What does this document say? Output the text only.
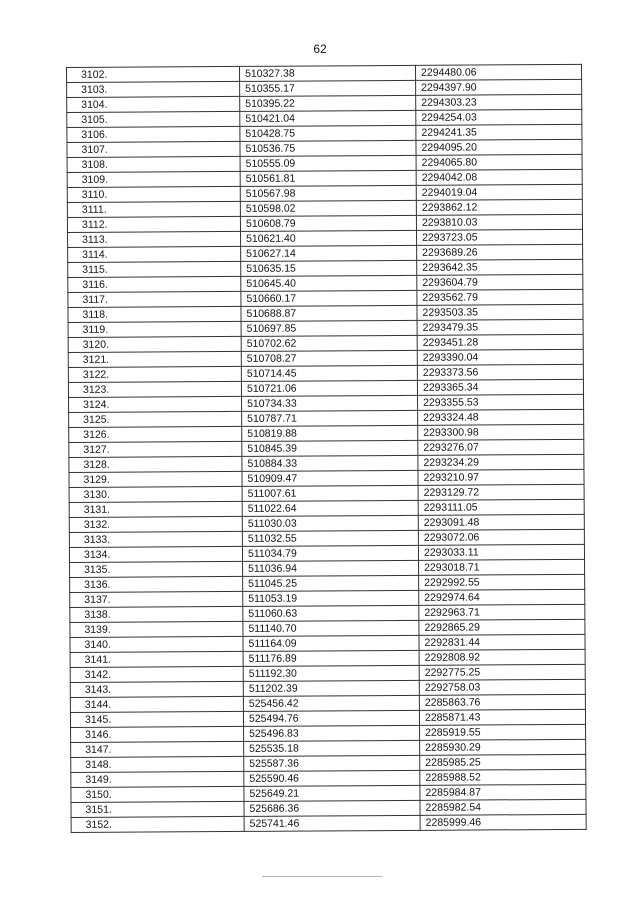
62
3102.	510327.38	2294480.06
3103.	510355.17	2294397.90
3104.	510395.22	2294303.23
3105.	510421.04	2294254.03
3106.	510428.75	2294241.35
3107.	510536.75	2294095.20
3108.	510555.09	2294065.80
3109.	510561.81	2294042.08
3110.	510567.98	2294019.04
3111.	510598.02	2293862.12
3112.	510608.79	2293810.03
3113.	510621.40	2293723.05
3114.	510627.14	2293689.26
3115.	510635.15	2293642.35
3116.	510645.40	2293604.79
3117.	510660.17	2293562.79
3118.	510688.87	2293503.35
3119.	510697.85	2293479.35
3120.	510702.62	2293451.28
3121.	510708.27	2293390.04
3122.	510714.45	2293373.56
3123.	510721.06	2293365.34
3124.	510734.33	2293355.53
3125.	510787.71	2293324.48
3126.	510819.88	2293300.98
3127.	510845.39	2293276.07
3128.	510884.33	2293234.29
3129.	510909.47	2293210.97
3130.	511007.61	2293129.72
3131.	511022.64	2293111.05
3132.	511030.03	2293091.48
3133.	511032.55	2293072.06
3134.	511034.79	2293033.11
3135.	511036.94	2293018.71
3136.	511045.25	2292992.55
3137.	511053.19	2292974.64
3138.	511060.63	2292963.71
3139.	511140.70	2292865.29
3140.	511164.09	2292831.44
3141.	511176.89	2292808.92
3142.	511192.30	2292775.25
3143.	511202.39	2292758.03
3144.	525456.42	2285863.76
3145.	525494.76	2285871.43
3146.	525496.83	2285919.55
3147.	525535.18	2285930.29
3148.	525587.36	2285985.25
3149.	525590.46	2285988.52
3150.	525649.21	2285984.87
3151.	525686.36	2285982.54
3152.	525741.46	2285999.46
